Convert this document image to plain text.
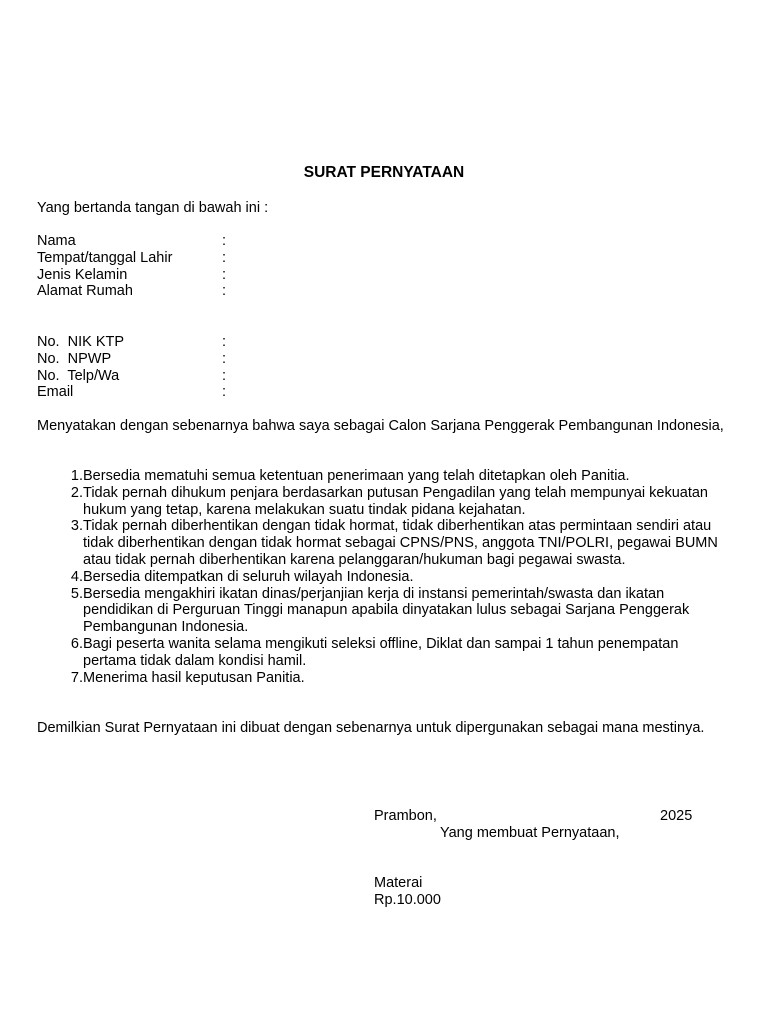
SURAT PERNYATAAN
Yang bertanda tangan di bawah ini :
Nama	:
Tempat/tanggal Lahir	:
Jenis Kelamin	:
Alamat Rumah	:
No.  NIK KTP	:
No.  NPWP	:
No.  Telp/Wa	:
Email	:
Menyatakan dengan sebenarnya bahwa saya sebagai Calon Sarjana Penggerak Pembangunan Indonesia,
1. Bersedia mematuhi semua ketentuan penerimaan yang telah ditetapkan oleh Panitia.
2. Tidak pernah dihukum penjara berdasarkan putusan Pengadilan yang telah mempunyai kekuatan hukum yang tetap, karena melakukan suatu tindak pidana kejahatan.
3. Tidak pernah diberhentikan dengan tidak hormat, tidak diberhentikan atas permintaan sendiri atau tidak diberhentikan dengan tidak hormat sebagai CPNS/PNS, anggota TNI/POLRI, pegawai BUMN atau tidak pernah diberhentikan karena pelanggaran/hukuman bagi pegawai swasta.
4. Bersedia ditempatkan di seluruh wilayah Indonesia.
5. Bersedia mengakhiri ikatan dinas/perjanjian kerja di instansi pemerintah/swasta dan ikatan pendidikan di Perguruan Tinggi manapun apabila dinyatakan lulus sebagai Sarjana Penggerak Pembangunan Indonesia.
6. Bagi peserta wanita selama mengikuti seleksi offline, Diklat dan sampai 1 tahun penempatan pertama tidak dalam kondisi hamil.
7. Menerima hasil keputusan Panitia.
Demilkian Surat Pernyataan ini dibuat dengan sebenarnya untuk dipergunakan sebagai mana mestinya.
Prambon,	2025
Yang membuat Pernyataan,
Materai
Rp.10.000
